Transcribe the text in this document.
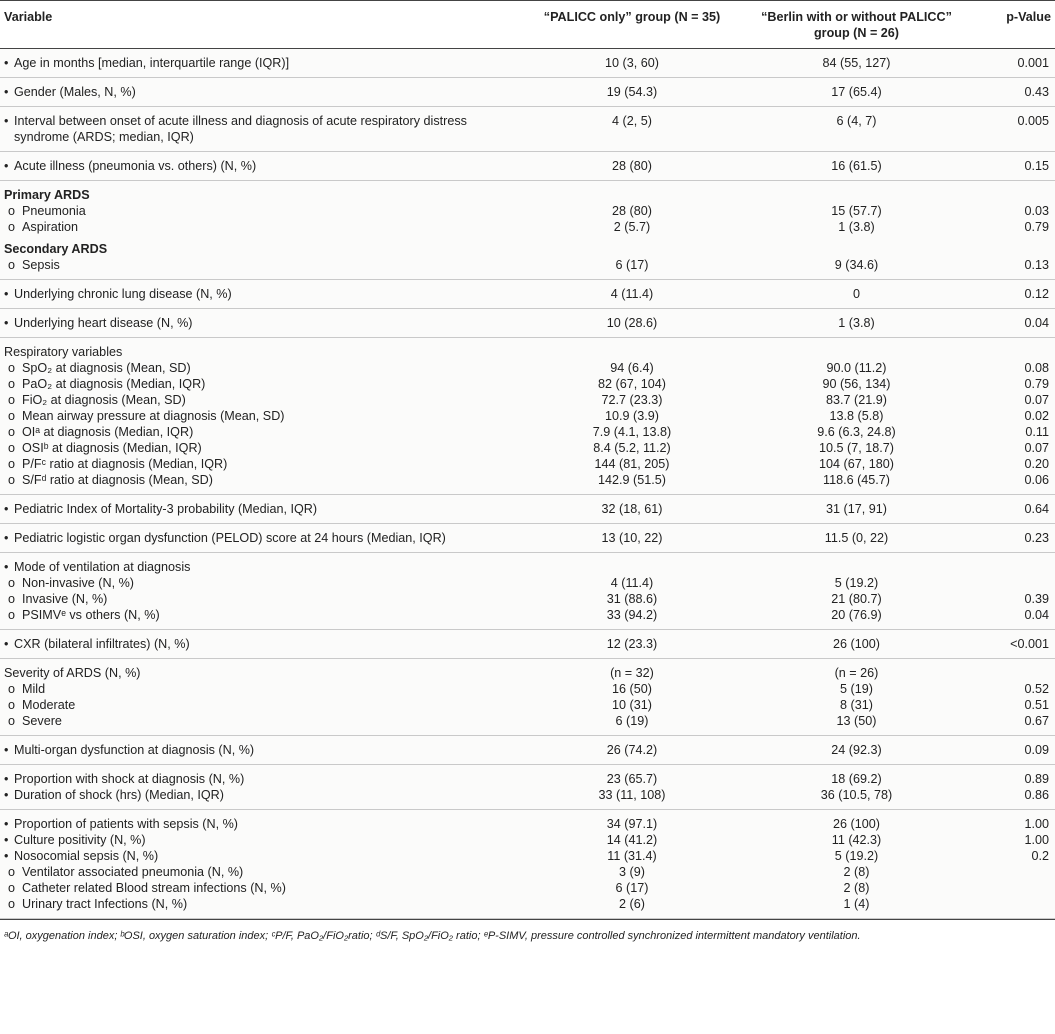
Variable	“PALICC only” group (N = 35)	“Berlin with or without PALICC”
group (N = 26)	p-Value
• Age in months [median, interquartile range (IQR)]	10 (3, 60)	84 (55, 127)	0.001
• Gender (Males, N, %)	19 (54.3)	17 (65.4)	0.43
• Interval between onset of acute illness and diagnosis of acute respiratory distress
syndrome (ARDS; median, IQR)	4 (2, 5)	6 (4, 7)	0.005
• Acute illness (pneumonia vs. others) (N, %)	28 (80)	16 (61.5)	0.15
Primary ARDS			
o Pneumonia	28 (80)	15 (57.7)	0.03
o Aspiration	2 (5.7)	1 (3.8)	0.79
Secondary ARDS			
o Sepsis	6 (17)	9 (34.6)	0.13
• Underlying chronic lung disease (N, %)	4 (11.4)	0	0.12
• Underlying heart disease (N, %)	10 (28.6)	1 (3.8)	0.04
Respiratory variables			
o SpO₂ at diagnosis (Mean, SD)	94 (6.4)	90.0 (11.2)	0.08
o PaO₂ at diagnosis (Median, IQR)	82 (67, 104)	90 (56, 134)	0.79
o FiO₂ at diagnosis (Mean, SD)	72.7 (23.3)	83.7 (21.9)	0.07
o Mean airway pressure at diagnosis (Mean, SD)	10.9 (3.9)	13.8 (5.8)	0.02
o OIᵃ at diagnosis (Median, IQR)	7.9 (4.1, 13.8)	9.6 (6.3, 24.8)	0.11
o OSIᵇ at diagnosis (Median, IQR)	8.4 (5.2, 11.2)	10.5 (7, 18.7)	0.07
o P/Fᶜ ratio at diagnosis (Median, IQR)	144 (81, 205)	104 (67, 180)	0.20
o S/Fᵈ ratio at diagnosis (Mean, SD)	142.9 (51.5)	118.6 (45.7)	0.06
• Pediatric Index of Mortality-3 probability (Median, IQR)	32 (18, 61)	31 (17, 91)	0.64
• Pediatric logistic organ dysfunction (PELOD) score at 24 hours (Median, IQR)	13 (10, 22)	11.5 (0, 22)	0.23
• Mode of ventilation at diagnosis			
o Non-invasive (N, %)	4 (11.4)	5 (19.2)	
o Invasive (N, %)	31 (88.6)	21 (80.7)	0.39
o PSIMVᵉ vs others (N, %)	33 (94.2)	20 (76.9)	0.04
• CXR (bilateral infiltrates) (N, %)	12 (23.3)	26 (100)	<0.001
Severity of ARDS (N, %)	(n = 32)	(n = 26)	
o Mild	16 (50)	5 (19)	0.52
o Moderate	10 (31)	8 (31)	0.51
o Severe	6 (19)	13 (50)	0.67
• Multi-organ dysfunction at diagnosis (N, %)	26 (74.2)	24 (92.3)	0.09
• Proportion with shock at diagnosis (N, %)	23 (65.7)	18 (69.2)	0.89
• Duration of shock (hrs) (Median, IQR)	33 (11, 108)	36 (10.5, 78)	0.86
• Proportion of patients with sepsis (N, %)	34 (97.1)	26 (100)	1.00
• Culture positivity (N, %)	14 (41.2)	11 (42.3)	1.00
• Nosocomial sepsis (N, %)	11 (31.4)	5 (19.2)	0.2
o Ventilator associated pneumonia (N, %)	3 (9)	2 (8)	
o Catheter related Blood stream infections (N, %)	6 (17)	2 (8)	
o Urinary tract Infections (N, %)	2 (6)	1 (4)	
ᵃOI, oxygenation index; ᵇOSI, oxygen saturation index; ᶜP/F, PaO₂/FiO₂ratio; ᵈS/F, SpO₂/FiO₂ ratio; ᵉP-SIMV, pressure controlled synchronized intermittent mandatory ventilation.
